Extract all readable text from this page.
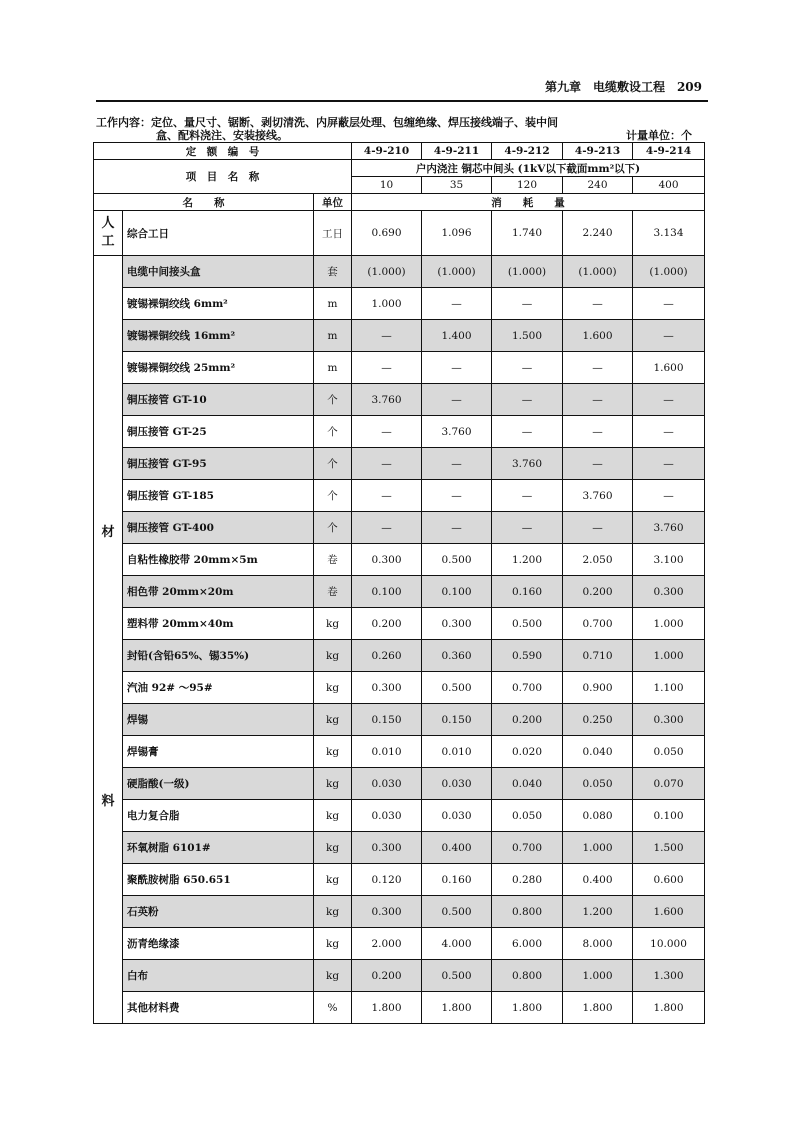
第九章　电缆敷设工程　209
工作内容：定位、量尺寸、锯断、剥切清洗、内屏蔽层处理、包缠绝缘、焊压接线端子、装中间
盒、配料浇注、安装接线。	计量单位：个
定　额　编　号			4-9-210	4-9-211	4-9-212	4-9-213	4-9-214
项　目　名　称			户内浇注 铜芯中间头 (1kV以下截面mm²以下)				
			10	35	120	240	400
名　　称		单位	消　　耗　　量				
人工	综合工日	工日	0.690	1.096	1.740	2.240	3.134

材
料	电缆中间接头盒	套	(1.000)	(1.000)	(1.000)	(1.000)	(1.000)
	镀锡裸铜绞线 6mm²	m	1.000	—	—	—	—
	镀锡裸铜绞线 16mm²	m	—	1.400	1.500	1.600	—
	镀锡裸铜绞线 25mm²	m	—	—	—	—	1.600
	铜压接管 GT-10	个	3.760	—	—	—	—
	铜压接管 GT-25	个	—	3.760	—	—	—
	铜压接管 GT-95	个	—	—	3.760	—	—
	铜压接管 GT-185	个	—	—	—	3.760	—
	铜压接管 GT-400	个	—	—	—	—	3.760
	自粘性橡胶带 20mm×5m	卷	0.300	0.500	1.200	2.050	3.100
	相色带 20mm×20m	卷	0.100	0.100	0.160	0.200	0.300
	塑料带 20mm×40m	kg	0.200	0.300	0.500	0.700	1.000
	封铅(含铅65%、锡35%)	kg	0.260	0.360	0.590	0.710	1.000
	汽油 92# ～95#	kg	0.300	0.500	0.700	0.900	1.100
	焊锡	kg	0.150	0.150	0.200	0.250	0.300
	焊锡膏	kg	0.010	0.010	0.020	0.040	0.050
	硬脂酸(一级)	kg	0.030	0.030	0.040	0.050	0.070
	电力复合脂	kg	0.030	0.030	0.050	0.080	0.100
	环氧树脂 6101#	kg	0.300	0.400	0.700	1.000	1.500
	聚酰胺树脂 650.651	kg	0.120	0.160	0.280	0.400	0.600
	石英粉	kg	0.300	0.500	0.800	1.200	1.600
	沥青绝缘漆	kg	2.000	4.000	6.000	8.000	10.000
	白布	kg	0.200	0.500	0.800	1.000	1.300
	其他材料费	%	1.800	1.800	1.800	1.800	1.800
